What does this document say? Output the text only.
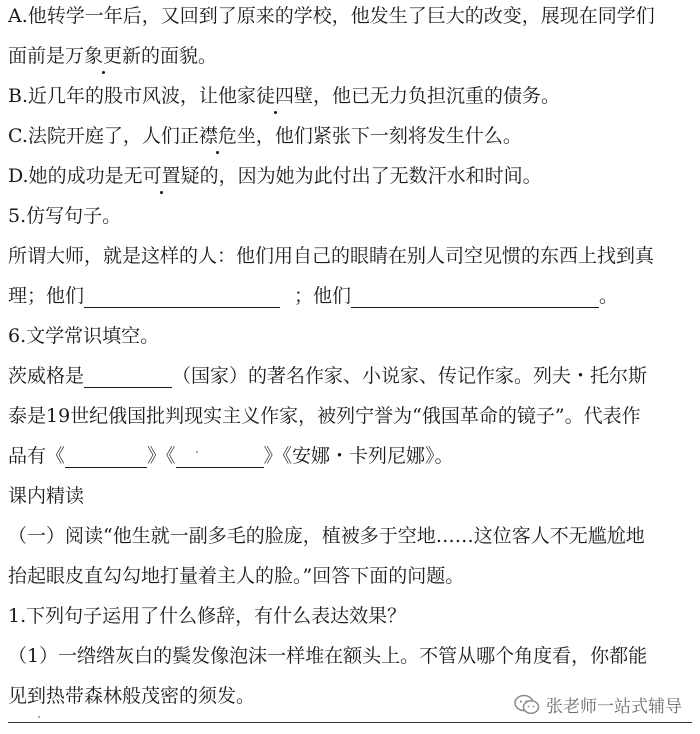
A.他转学一年后，又回到了原来的学校，他发生了巨大的改变，展现在同学们
面前是万象更新的面貌。
B.近几年的股市风波，让他家徒四壁，他已无力负担沉重的债务。
C.法院开庭了，人们正襟危坐，他们紧张下一刻将发生什么。
D.她的成功是无可置疑的，因为她为此付出了无数汗水和时间。
5.仿写句子。
所谓大师，就是这样的人：他们用自己的眼睛在别人司空见惯的东西上找到真
理；他们	；他们	。
6.文学常识填空。
茨威格是	（国家）的著名作家、小说家、传记作家。列夫・托尔斯
泰是19世纪俄国批判现实主义作家，被列宁誉为“俄国革命的镜子”。代表作
品有《	》《	》《安娜・卡列尼娜》。
课内精读
（一）阅读“他生就一副多毛的脸庞，植被多于空地……这位客人不无尴尬地
抬起眼皮直勾勾地打量着主人的脸。”回答下面的问题。
1.下列句子运用了什么修辞，有什么表达效果？
（1）一绺绺灰白的鬓发像泡沫一样堆在额头上。不管从哪个角度看，你都能
见到热带森林般茂密的须发。	张老师一站式辅导
